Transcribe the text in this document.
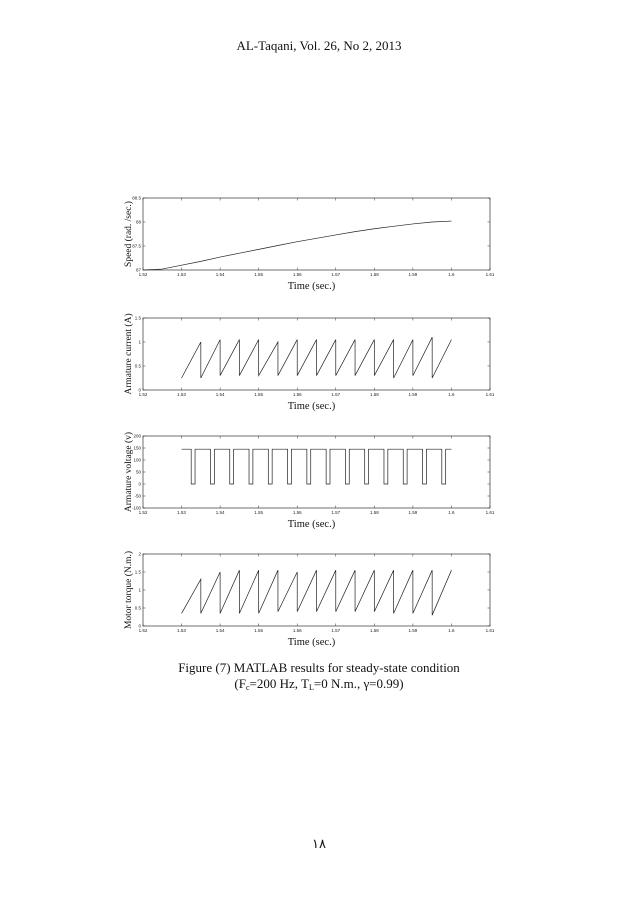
AL-Taqani, Vol. 26, No 2, 2013
1.52	1.53	1.54	1.55	1.56	1.57	1.58	1.59	1.6	1.61
87
87.5
88
88.5
Speed (rad. /sec.)
Time (sec.)
1.52	1.53	1.54	1.55	1.56	1.57	1.58	1.59	1.6	1.61
0
0.5
1
1.5
Armature current (A)
Time (sec.)
1.52	1.53	1.54	1.55	1.56	1.57	1.58	1.59	1.6	1.61
-100
-50
0
50
100
150
200
Armature voltage (v)
Time (sec.)
1.52	1.53	1.54	1.55	1.56	1.57	1.58	1.59	1.6	1.61
0
0.5
1
1.5
2
Motor torque (N.m.)
Time (sec.)
Figure (7) MATLAB results for steady-state condition
($F_c=200$ Hz, $T_L=0$ N.m., γ=0.99)
١٨
